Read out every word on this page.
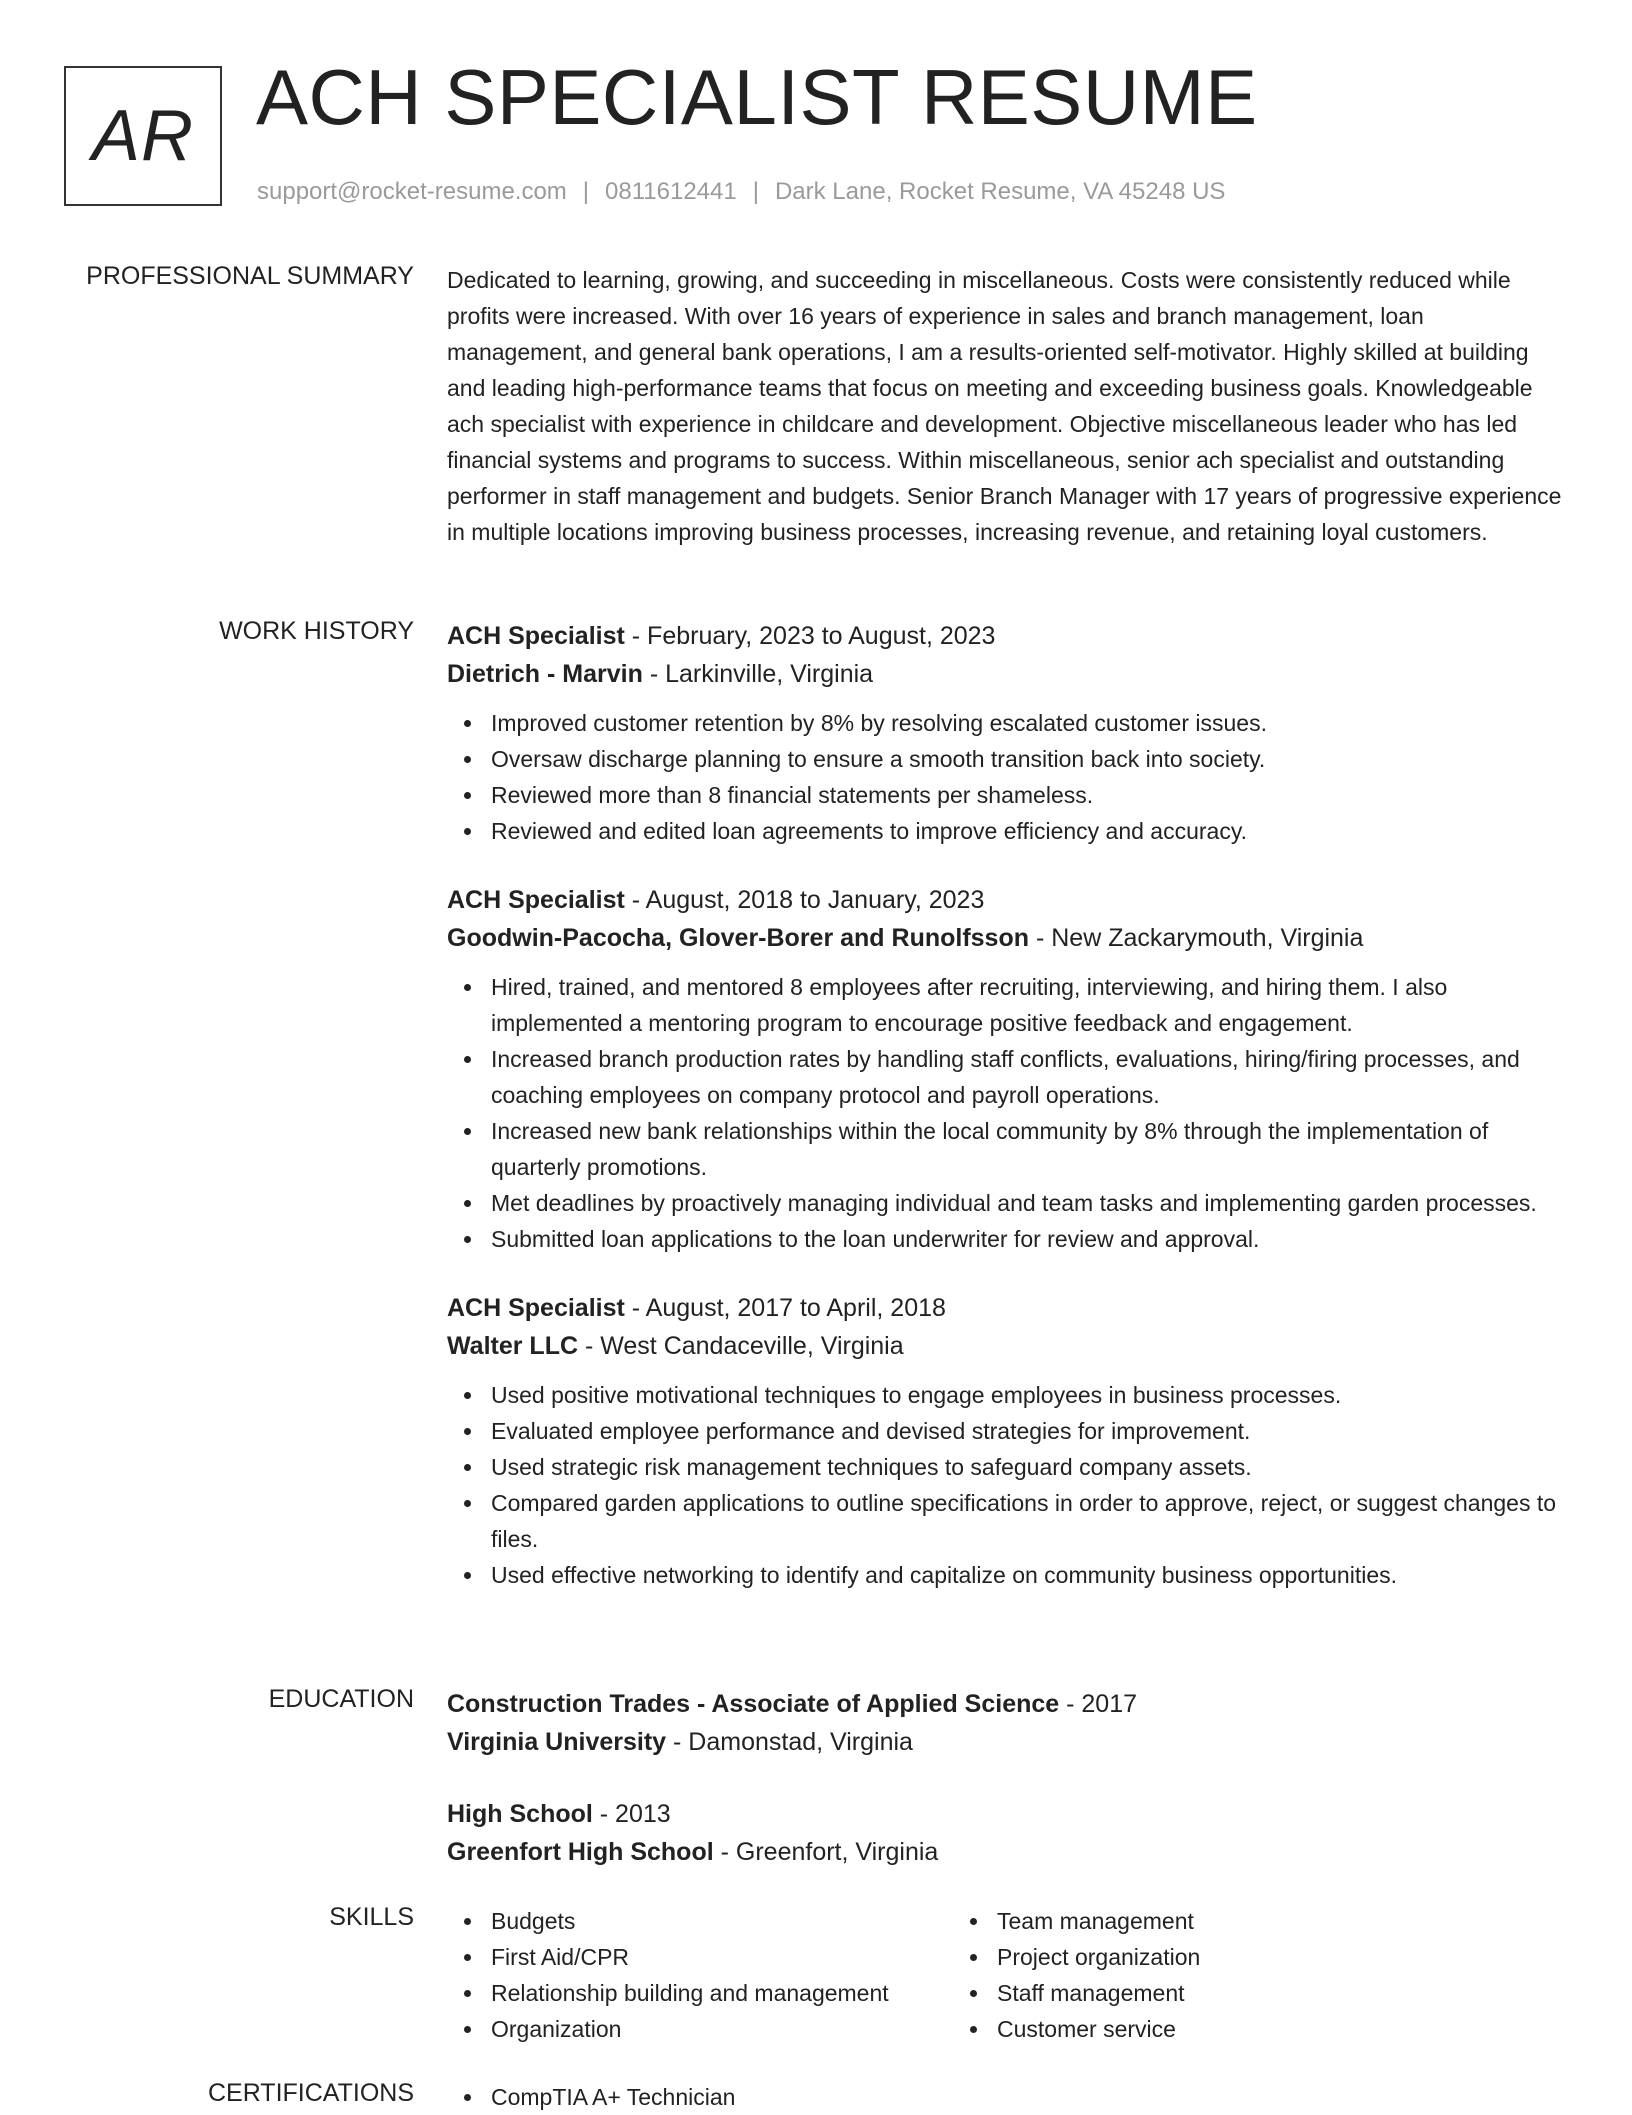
AR ACH SPECIALIST RESUME
support@rocket-resume.com | 0811612441 | Dark Lane, Rocket Resume, VA 45248 US
PROFESSIONAL SUMMARY Dedicated to learning, growing, and succeeding in miscellaneous. Costs were consistently reduced while profits were increased. With over 16 years of experience in sales and branch management, loan management, and general bank operations, I am a results-oriented self-motivator. Highly skilled at building and leading high-performance teams that focus on meeting and exceeding business goals. Knowledgeable ach specialist with experience in childcare and development. Objective miscellaneous leader who has led financial systems and programs to success. Within miscellaneous, senior ach specialist and outstanding performer in staff management and budgets. Senior Branch Manager with 17 years of progressive experience in multiple locations improving business processes, increasing revenue, and retaining loyal customers.

WORK HISTORY ACH Specialist - February, 2023 to August, 2023
Dietrich - Marvin - Larkinville, Virginia
Improved customer retention by 8% by resolving escalated customer issues.
Oversaw discharge planning to ensure a smooth transition back into society.
Reviewed more than 8 financial statements per shameless.
Reviewed and edited loan agreements to improve efficiency and accuracy.
ACH Specialist - August, 2018 to January, 2023
Goodwin-Pacocha, Glover-Borer and Runolfsson - New Zackarymouth, Virginia
Hired, trained, and mentored 8 employees after recruiting, interviewing, and hiring them. I also implemented a mentoring program to encourage positive feedback and engagement.
Increased branch production rates by handling staff conflicts, evaluations, hiring/firing processes, and coaching employees on company protocol and payroll operations.
Increased new bank relationships within the local community by 8% through the implementation of quarterly promotions.
Met deadlines by proactively managing individual and team tasks and implementing garden processes.
Submitted loan applications to the loan underwriter for review and approval.
ACH Specialist - August, 2017 to April, 2018
Walter LLC - West Candaceville, Virginia
Used positive motivational techniques to engage employees in business processes.
Evaluated employee performance and devised strategies for improvement.
Used strategic risk management techniques to safeguard company assets.
Compared garden applications to outline specifications in order to approve, reject, or suggest changes to files.
Used effective networking to identify and capitalize on community business opportunities.
EDUCATION Construction Trades - Associate of Applied Science - 2017
Virginia University - Damonstad, Virginia
High School - 2013
Greenfort High School - Greenfort, Virginia
SKILLS	Budgets
First Aid/CPR
Relationship building and management
Organization
Team management
Project organization
Staff management
Customer service
CERTIFICATIONS	CompTIA A+ Technician
